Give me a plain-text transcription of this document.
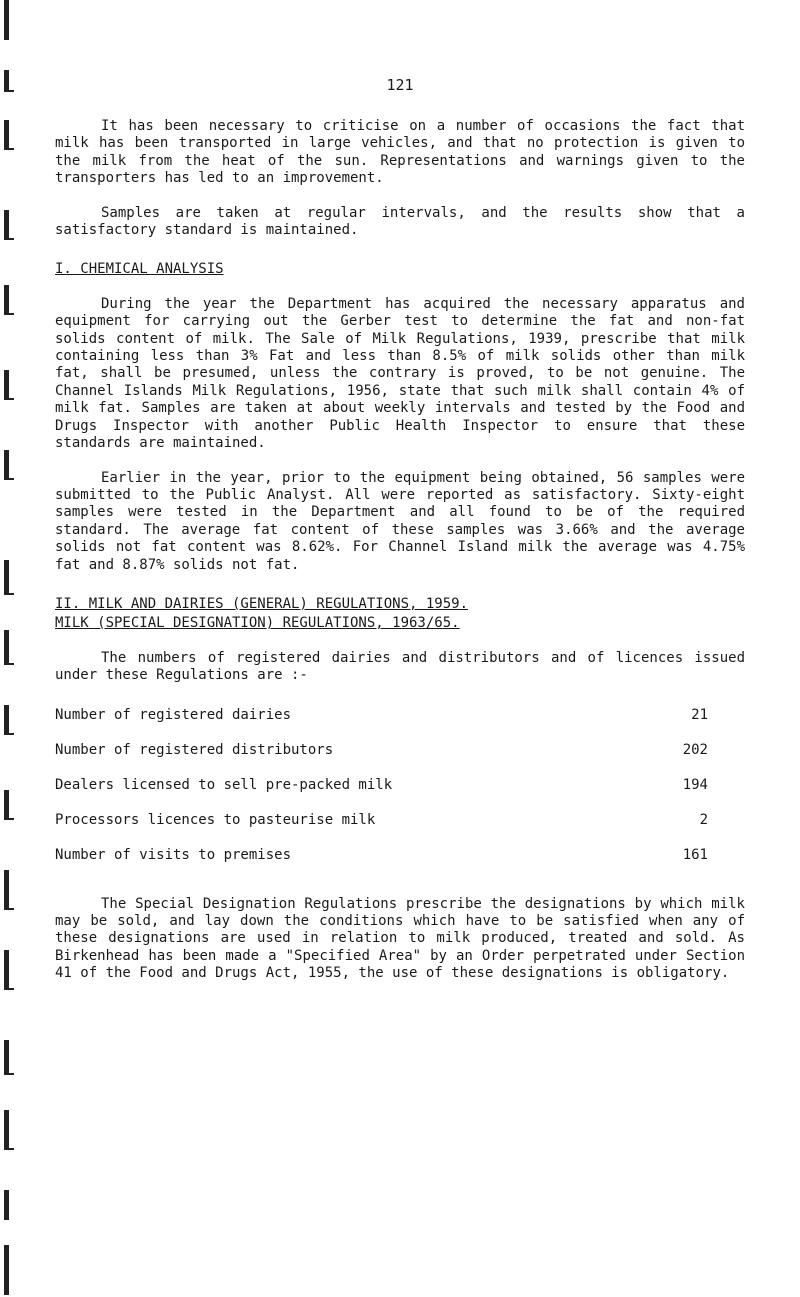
121

It has been necessary to criticise on a number of occasions the fact that milk has been transported in large vehicles, and that no protection is given to the milk from the heat of the sun. Representations and warnings given to the transporters has led to an improvement.

Samples are taken at regular intervals, and the results show that a satisfactory standard is maintained.

I. CHEMICAL ANALYSIS

During the year the Department has acquired the necessary apparatus and equipment for carrying out the Gerber test to determine the fat and non-fat solids content of milk. The Sale of Milk Regulations, 1939, prescribe that milk containing less than 3% Fat and less than 8.5% of milk solids other than milk fat, shall be presumed, unless the contrary is proved, to be not genuine. The Channel Islands Milk Regulations, 1956, state that such milk shall contain 4% of milk fat. Samples are taken at about weekly intervals and tested by the Food and Drugs Inspector with another Public Health Inspector to ensure that these standards are maintained.

Earlier in the year, prior to the equipment being obtained, 56 samples were submitted to the Public Analyst. All were reported as satisfactory. Sixty-eight samples were tested in the Department and all found to be of the required standard. The average fat content of these samples was 3.66% and the average solids not fat content was 8.62%. For Channel Island milk the average was 4.75% fat and 8.87% solids not fat.

II. MILK AND DAIRIES (GENERAL) REGULATIONS, 1959.
MILK (SPECIAL DESIGNATION) REGULATIONS, 1963/65.

The numbers of registered dairies and distributors and of licences issued under these Regulations are :-

Number of registered dairies	21
Number of registered distributors	202
Dealers licensed to sell pre-packed milk	194
Processors licences to pasteurise milk	2
Number of visits to premises	161

The Special Designation Regulations prescribe the designations by which milk may be sold, and lay down the conditions which have to be satisfied when any of these designations are used in relation to milk produced, treated and sold. As Birkenhead has been made a "Specified Area" by an Order perpetrated under Section 41 of the Food and Drugs Act, 1955, the use of these designations is obligatory.
